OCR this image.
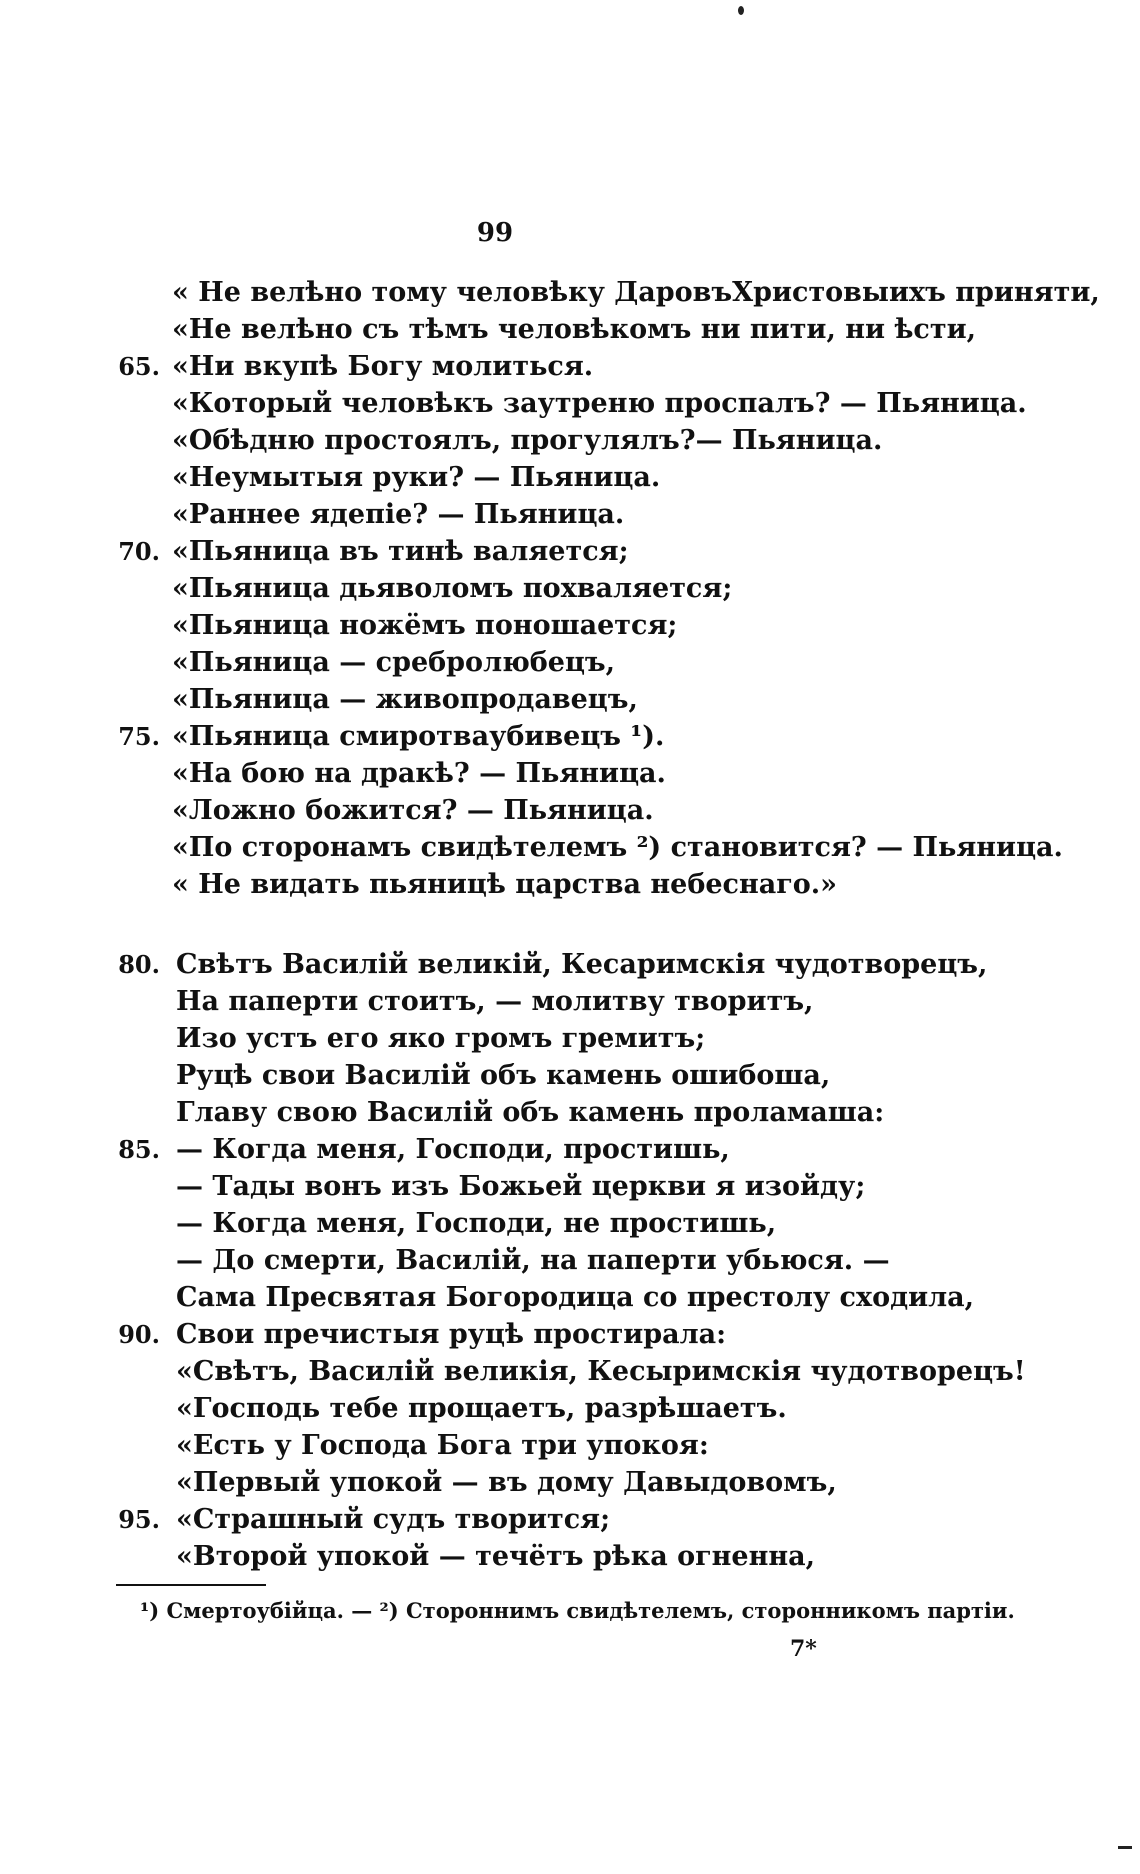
99
« Не велѣно тому человѣку ДаровъХристовыихъ приняти,
«Не велѣно съ тѣмъ человѣкомъ ни пити, ни ѣсти,
65. «Ни вкупѣ Богу молиться.
«Который человѣкъ заутреню проспалъ? — Пьяница.
«Обѣдню простоялъ, прогулялъ?— Пьяница.
«Неумытыя руки? — Пьяница.
«Раннее ядепіе? — Пьяница.
70. «Пьяница въ тинѣ валяется;
«Пьяница дьяволомъ похваляется;
«Пьяница ножёмъ поношается;
«Пьяница — сребролюбецъ,
«Пьяница — живопродавецъ,
75. «Пьяница смиротвaубивецъ ¹).
«На бою на дракѣ? — Пьяница.
«Ложно божится? — Пьяница.
«По сторонамъ свидѣтелемъ ²) становится? — Пьяница.
« Не видать пьяницѣ царства небеснаго.»
80. Свѣтъ Василій великій, Кесаримскія чудотворецъ,
На паперти стоитъ, — молитву творитъ,
Изо устъ его яко громъ гремитъ;
Руцѣ свои Василій объ камень ошибоша,
Главу свою Василій объ камень проламаша:
85. — Когда меня, Господи, простишь,
— Тады вонъ изъ Божьей церкви я изойду;
— Когда меня, Господи, не простишь,
— До смерти, Василій, на паперти убьюся. —
Сама Пресвятая Богородица со престолу сходила,
90. Свои пречистыя руцѣ простирала:
«Свѣтъ, Василій великія, Кесыримскія чудотворецъ!
«Господь тебе прощаетъ, разрѣшаетъ.
«Есть у Господа Бога три упокоя:
«Первый упокой — въ дому Давыдовомъ,
95. «Страшный судъ творится;
«Второй упокой — течётъ рѣка огненна,
¹) Смертоубійца. — ²) Стороннимъ свидѣтелемъ, сторонникомъ партіи.
7*
